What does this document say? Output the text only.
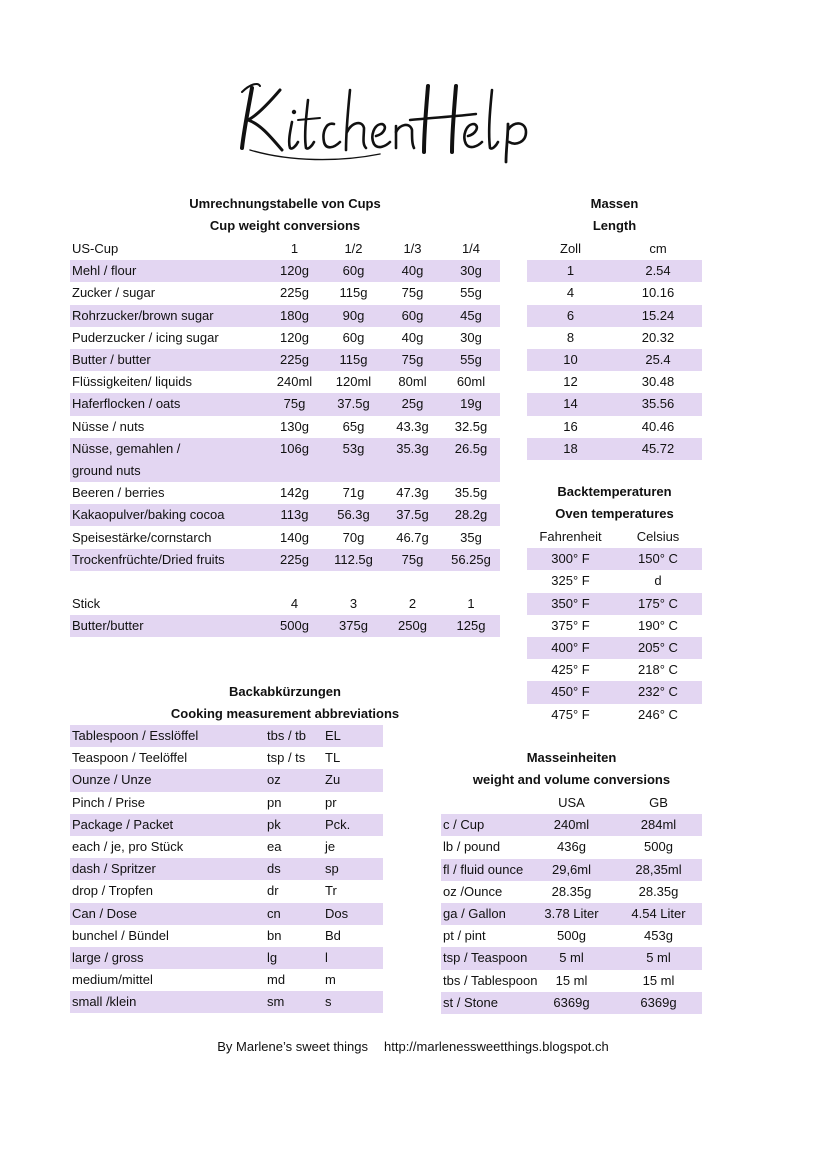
Umrechnungstabelle von Cups
Cup weight conversions
US-Cup	1	1/2	1/3	1/4
Mehl / flour	120g	60g	40g	30g
Zucker / sugar	225g	115g	75g	55g
Rohrzucker/brown sugar	180g	90g	60g	45g
Puderzucker / icing sugar	120g	60g	40g	30g
Butter / butter	225g	115g	75g	55g
Flüssigkeiten/ liquids	240ml	120ml	80ml	60ml
Haferflocken / oats	75g	37.5g	25g	19g
Nüsse / nuts	130g	65g	43.3g	32.5g
Nüsse, gemahlen /	106g	53g	35.3g	26.5g
ground nuts				
Beeren / berries	142g	71g	47.3g	35.5g
Kakaopulver/baking cocoa	113g	56.3g	37.5g	28.2g
Speisestärke/cornstarch	140g	70g	46.7g	35g
Trockenfrüchte/Dried fruits	225g	112.5g	75g	56.25g

Stick	4	3	2	1
Butter/butter	500g	375g	250g	125g
Massen
Length
Zoll	cm
1	2.54
4	10.16
6	15.24
8	20.32
10	25.4
12	30.48
14	35.56
16	40.46
18	45.72
Backtemperaturen
Oven temperatures
Fahrenheit	Celsius
300° F	150° C
325° F	d
350° F	175° C
375° F	190° C
400° F	205° C
425° F	218° C
450° F	232° C
475° F	246° C
Backabkürzungen
Cooking measurement abbreviations
Tablespoon / Esslöffel	tbs / tb	EL
Teaspoon / Teelöffel	tsp / ts	TL
Ounze / Unze	oz	Zu
Pinch / Prise	pn	pr
Package / Packet	pk	Pck.
each / je, pro Stück	ea	je
dash / Spritzer	ds	sp
drop / Tropfen	dr	Tr
Can / Dose	cn	Dos
bunchel / Bündel	bn	Bd
large / gross	lg	l
medium/mittel	md	m
small /klein	sm	s
Masseinheiten
weight and volume conversions
	USA	GB
c / Cup	240ml	284ml
lb / pound	436g	500g
fl / fluid ounce	29,6ml	28,35ml
oz /Ounce	28.35g	28.35g
ga / Gallon	3.78 Liter	4.54 Liter
pt / pint	500g	453g
tsp / Teaspoon	5 ml	5 ml
tbs / Tablespoon	15 ml	15 ml
st / Stone	6369g	6369g
By Marlene’s sweet things http://marlenessweetthings.blogspot.ch
